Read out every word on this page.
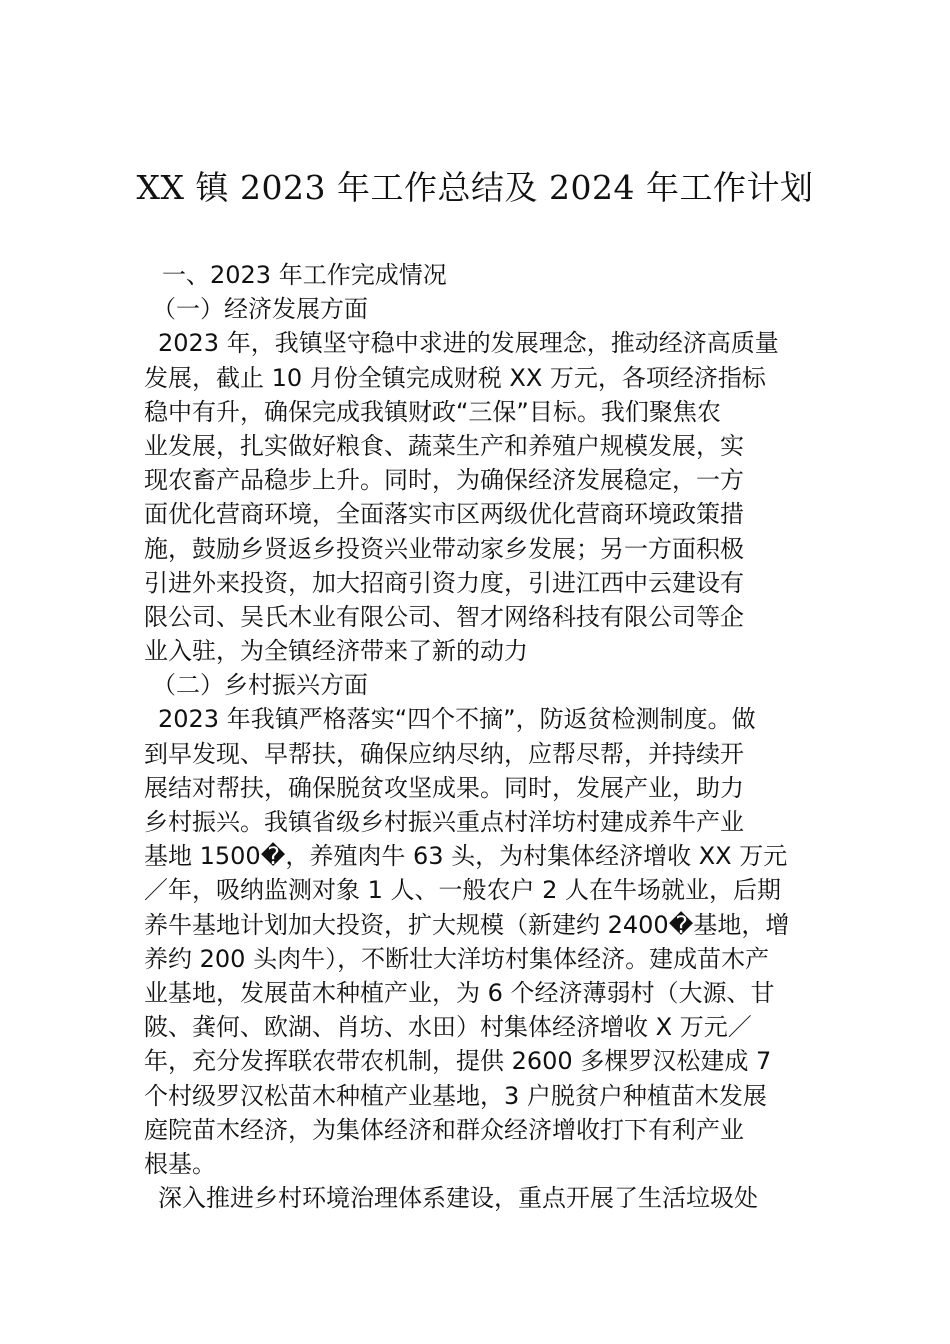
XX 镇 2023 年工作总结及 2024 年工作计划
一、2023 年工作完成情况
（一）经济发展方面
2023 年，我镇坚守稳中求进的发展理念，推动经济高质量
发展，截止 10 月份全镇完成财税 XX 万元，各项经济指标
稳中有升，确保完成我镇财政“三保”目标。我们聚焦农
业发展，扎实做好粮食、蔬菜生产和养殖户规模发展，实
现农畜产品稳步上升。同时，为确保经济发展稳定，一方
面优化营商环境，全面落实市区两级优化营商环境政策措
施，鼓励乡贤返乡投资兴业带动家乡发展；另一方面积极
引进外来投资，加大招商引资力度，引进江西中云建设有
限公司、吴氏木业有限公司、智才网络科技有限公司等企
业入驻，为全镇经济带来了新的动力
（二）乡村振兴方面
2023 年我镇严格落实“四个不摘”，防返贫检测制度。做
到早发现、早帮扶，确保应纳尽纳，应帮尽帮，并持续开
展结对帮扶，确保脱贫攻坚成果。同时，发展产业，助力
乡村振兴。我镇省级乡村振兴重点村洋坊村建成养牛产业
基地 1500�，养殖肉牛 63 头，为村集体经济增收 XX 万元
／年，吸纳监测对象 1 人、一般农户 2 人在牛场就业，后期
养牛基地计划加大投资，扩大规模（新建约 2400�基地，增
养约 200 头肉牛），不断壮大洋坊村集体经济。建成苗木产
业基地，发展苗木种植产业，为 6 个经济薄弱村（大源、甘
陂、龚何、欧湖、肖坊、水田）村集体经济增收 X 万元／
年，充分发挥联农带农机制，提供 2600 多棵罗汉松建成 7
个村级罗汉松苗木种植产业基地，3 户脱贫户种植苗木发展
庭院苗木经济，为集体经济和群众经济增收打下有利产业
根基。
深入推进乡村环境治理体系建设，重点开展了生活垃圾处
